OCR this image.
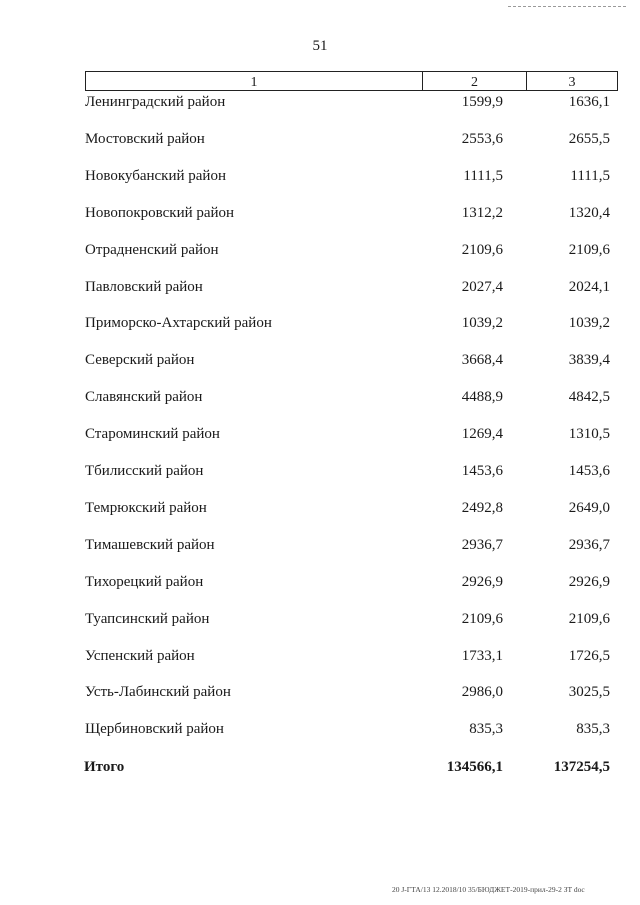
51
1	2	3
Ленинградский район	1599,9	1636,1
Мостовский район	2553,6	2655,5
Новокубанский район	1111,5	1111,5
Новопокровский район	1312,2	1320,4
Отрадненский район	2109,6	2109,6
Павловский район	2027,4	2024,1
Приморско-Ахтарский район	1039,2	1039,2
Северский район	3668,4	3839,4
Славянский район	4488,9	4842,5
Староминский район	1269,4	1310,5
Тбилисский район	1453,6	1453,6
Темрюкский район	2492,8	2649,0
Тимашевский район	2936,7	2936,7
Тихорецкий район	2926,9	2926,9
Туапсинский район	2109,6	2109,6
Успенский район	1733,1	1726,5
Усть-Лабинский район	2986,0	3025,5
Щербиновский район	835,3	835,3
Итого	134566,1	137254,5
20 J-ГТА/13 12.2018/10 35/БЮДЖЕТ-2019-прил-29-2 ЗТ doc
